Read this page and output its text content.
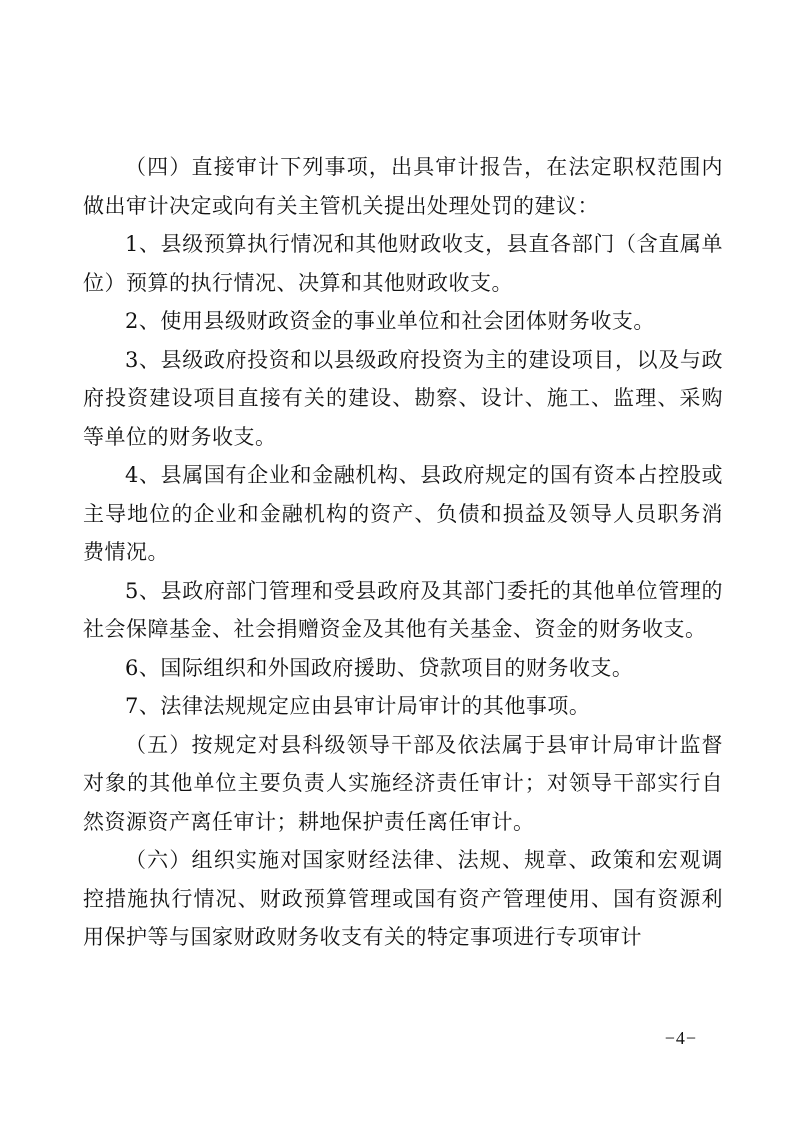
（四）直接审计下列事项，出具审计报告，在法定职权范围内做出审计决定或向有关主管机关提出处理处罚的建议：

1、县级预算执行情况和其他财政收支，县直各部门（含直属单位）预算的执行情况、决算和其他财政收支。

2、使用县级财政资金的事业单位和社会团体财务收支。

3、县级政府投资和以县级政府投资为主的建设项目，以及与政府投资建设项目直接有关的建设、勘察、设计、施工、监理、采购等单位的财务收支。

4、县属国有企业和金融机构、县政府规定的国有资本占控股或主导地位的企业和金融机构的资产、负债和损益及领导人员职务消费情况。

5、县政府部门管理和受县政府及其部门委托的其他单位管理的社会保障基金、社会捐赠资金及其他有关基金、资金的财务收支。

6、国际组织和外国政府援助、贷款项目的财务收支。

7、法律法规规定应由县审计局审计的其他事项。

（五）按规定对县科级领导干部及依法属于县审计局审计监督对象的其他单位主要负责人实施经济责任审计；对领导干部实行自然资源资产离任审计；耕地保护责任离任审计。

（六）组织实施对国家财经法律、法规、规章、政策和宏观调控措施执行情况、财政预算管理或国有资产管理使用、国有资源利用保护等与国家财政财务收支有关的特定事项进行专项审计

−4−
